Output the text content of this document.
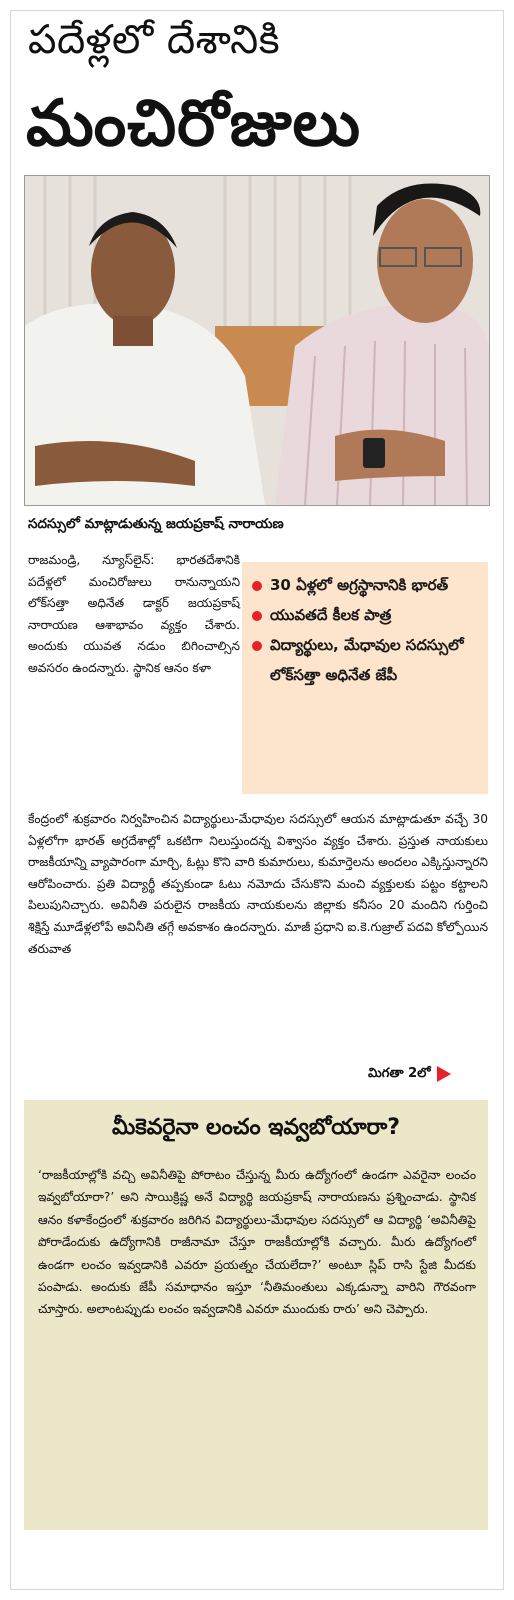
పదేళ్లలో దేశానికి
మంచిరోజులు
సదస్సులో మాట్లాడుతున్న జయప్రకాష్ నారాయణ

రాజమండ్రి, న్యూస్‌లైన్: భారతదేశానికి పదేళ్లలో మంచిరోజులు రానున్నాయని లోక్‌సత్తా అధినేత డాక్టర్ జయప్రకాష్ నారాయణ ఆశాభావం వ్యక్తం చేశారు. అందుకు యువత నడుం బిగించాల్సిన అవసరం ఉందన్నారు. స్థానిక ఆనం కళా

30 ఏళ్లలో అగ్రస్థానానికి భారత్
యువతదే కీలక పాత్ర
విద్యార్థులు, మేధావుల సదస్సులో లోక్‌సత్తా అధినేత జేపీ

కేంద్రంలో శుక్రవారం నిర్వహించిన విద్యార్థులు-మేధావుల సదస్సులో ఆయన మాట్లాడుతూ వచ్చే 30 ఏళ్లలోగా భారత్ అగ్రదేశాల్లో ఒకటిగా నిలుస్తుందన్న విశ్వాసం వ్యక్తం చేశారు. ప్రస్తుత నాయకులు రాజకీయాన్ని వ్యాపారంగా మార్చి, ఓట్లు కొని వారి కుమారులు, కుమార్తెలను అందలం ఎక్కిస్తున్నారని ఆరోపించారు. ప్రతి విద్యార్థీ తప్పకుండా ఓటు నమోదు చేసుకొని మంచి వ్యక్తులకు పట్టం కట్టాలని పిలుపునిచ్చారు. అవినీతి పరులైన రాజకీయ నాయకులను జిల్లాకు కనీసం 20 మందిని గుర్తించి శిక్షిస్తే మూడేళ్లలోపే అవినీతి తగ్గే అవకాశం ఉందన్నారు. మాజీ ప్రధాని ఐ.కె.గుజ్రాల్ పదవి కోల్పోయిన తరువాత

మిగతా 2లో
మీకెవరైనా లంచం ఇవ్వబోయారా?

‘రాజకీయాల్లోకి వచ్చి అవినీతిపై పోరాటం చేస్తున్న మీరు ఉద్యోగంలో ఉండగా ఎవరైనా లంచం ఇవ్వబోయారా?’ అని సాయిక్రిష్ణ అనే విద్యార్థి జయప్రకాష్ నారాయణను ప్రశ్నించాడు. స్థానిక ఆనం కళాకేంద్రంలో శుక్రవారం జరిగిన విద్యార్థులు-మేధావుల సదస్సులో ఆ విద్యార్థి ‘అవినీతిపై పోరాడేందుకు ఉద్యోగానికి రాజీనామా చేస్తూ రాజకీయాల్లోకి వచ్చారు. మీరు ఉద్యోగంలో ఉండగా లంచం ఇవ్వడానికి ఎవరూ ప్రయత్నం చేయలేదా?’ అంటూ స్లిప్ రాసి స్టేజి మీదకు పంపాడు. అందుకు జేపీ సమాధానం ఇస్తూ ‘నీతిమంతులు ఎక్కడున్నా వారిని గౌరవంగా చూస్తారు. అలాంటప్పుడు లంచం ఇవ్వడానికి ఎవరూ ముందుకు రారు’ అని చెప్పారు.
